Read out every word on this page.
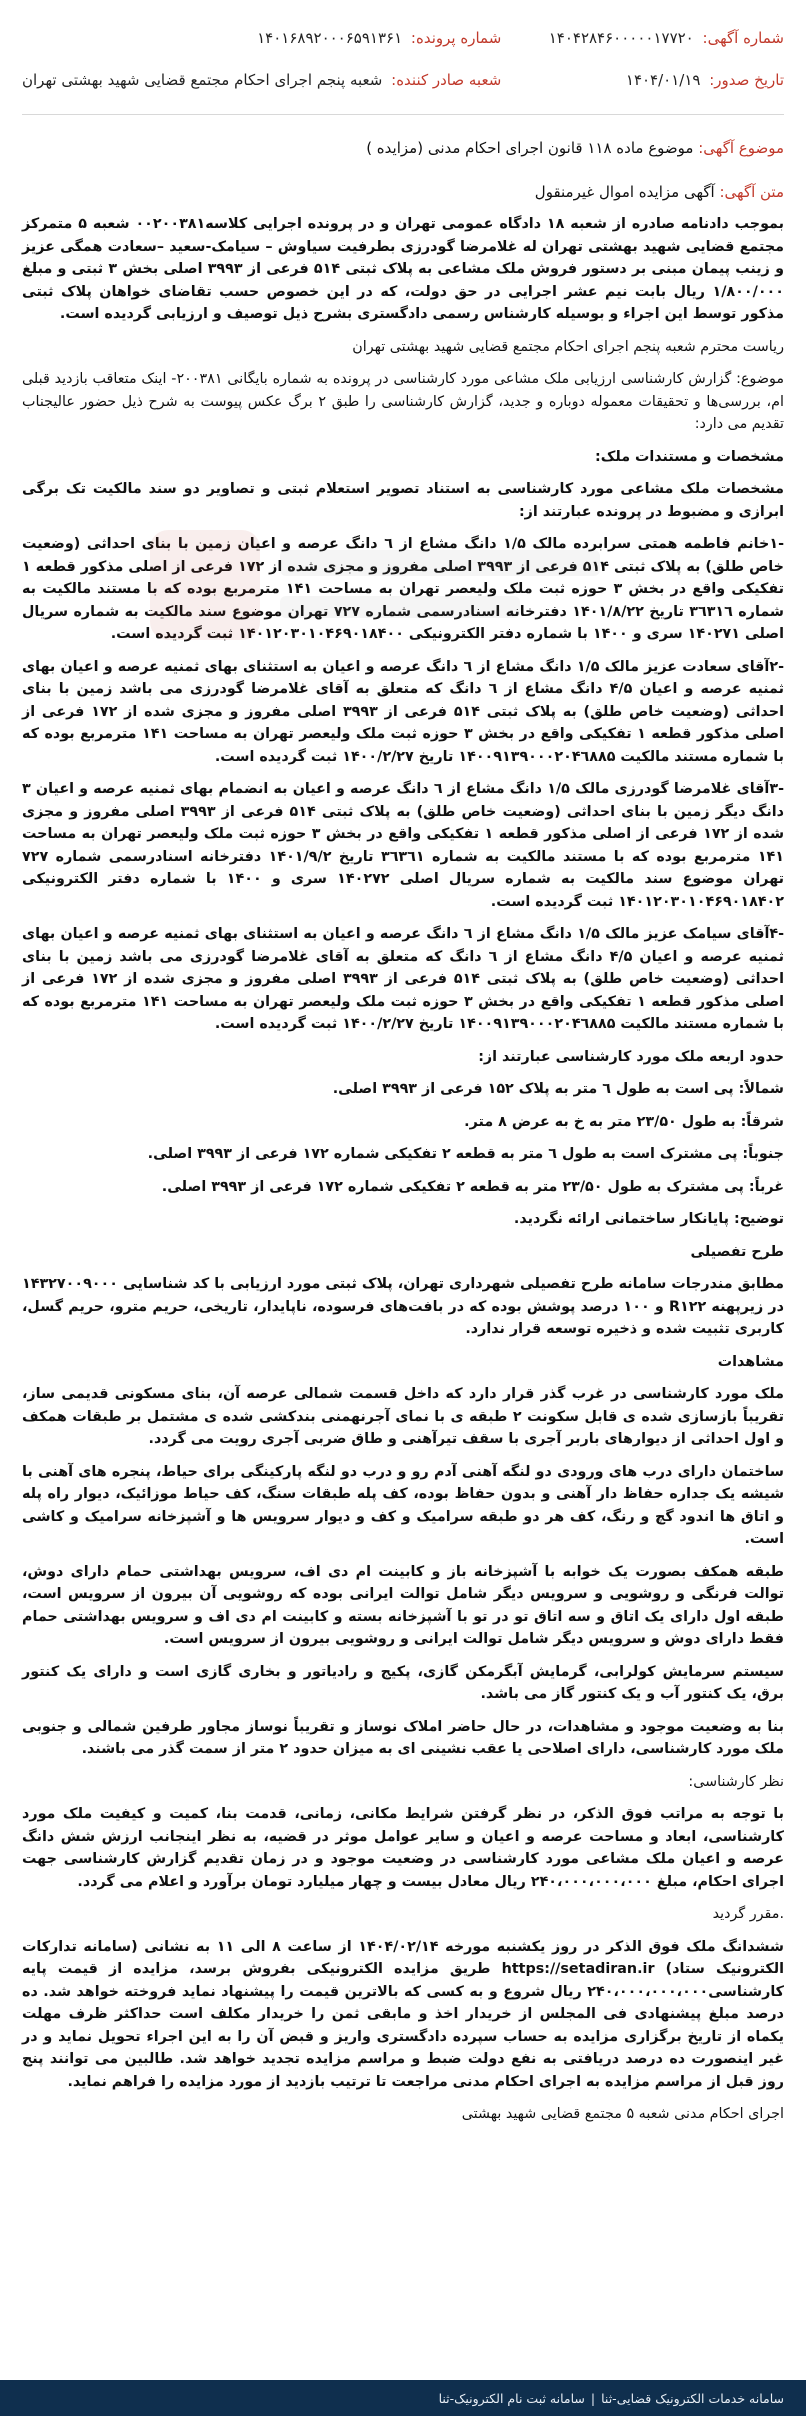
شماره آگهی: ۱۴۰۴۲۸۴۶۰۰۰۰۰۱۷۷۲۰
شماره پرونده: ۱۴۰۱۶۸۹۲۰۰۰۶۵۹۱۳۶۱
تاریخ صدور: ۱۴۰۴/۰۱/۱۹
شعبه صادر کننده: شعبه پنجم اجرای احکام مجتمع قضایی شهید بهشتی تهران
موضوع آگهی: موضوع ماده ۱۱۸ قانون اجرای احکام مدنی (مزایده )
متن آگهی: آگهی مزایده اموال غیرمنقول

بموجب دادنامه صادره از شعبه ۱۸ دادگاه عمومی تهران و در پرونده اجرایی کلاسه۰۰۲۰۰۳۸۱ شعبه ۵ متمرکز مجتمع قضایی شهید بهشتی تهران له غلامرضا گودرزی بطرفیت سیاوش – سیامک-سعید –سعادت همگی عزیز و زینب پیمان مبنی بر دستور فروش ملک مشاعی به پلاک ثبتی ۵۱۴ فرعی از ۳۹۹۳ اصلی بخش ۳ ثبتی و مبلغ ۱/۸۰۰/۰۰۰ ریال بابت نیم عشر اجرایی در حق دولت، که در این خصوص حسب تقاضای خواهان پلاک ثبتی مذکور توسط این اجراء و بوسیله کارشناس رسمی دادگستری بشرح ذیل توصیف و ارزیابی گردیده است.

ریاست محترم شعبه پنجم اجرای احکام مجتمع قضایی شهید بهشتی تهران

موضوع: گزارش کارشناسی ارزیابی ملک مشاعی مورد کارشناسی در پرونده به شماره بایگانی ۲۰۰۳۸۱- اینک متعاقب بازدید قبلی ام، بررسی‌ها و تحقیقات معموله دوباره و جدید، گزارش کارشناسی را طبق ۲ برگ عکس پیوست به شرح ذیل حضور عالیجناب تقدیم می دارد:

مشخصات و مستندات ملک:

مشخصات ملک مشاعی مورد کارشناسی به استناد تصویر استعلام ثبتی و تصاویر دو سند مالکیت تک برگی ابرازی و مضبوط در پرونده عبارتند از:

-۱خانم فاطمه همتی سرابرده مالک ۱/۵ دانگ مشاع از ٦ دانگ عرصه و اعیان زمین با بنای احداثی (وضعیت خاص طلق) به پلاک ثبتی ۵۱۴ فرعی از ۳۹۹۳ اصلی مفروز و مجزی شده از ۱۷۲ فرعی از اصلی مذکور قطعه ۱ تفکیکی واقع در بخش ۳ حوزه ثبت ملک ولیعصر تهران به مساحت ۱۴۱ مترمربع بوده که با مستند مالکیت به شماره ۳٦۳۱٦ تاریخ ۱۴۰۱/۸/۲۲ دفترخانه اسنادرسمی شماره ۷۲۷ تهران موضوع سند مالکیت به شماره سریال اصلی ۱۴۰۲۷۱ سری و ۱۴۰۰ با شماره دفتر الکترونیکی ۱۴۰۱۲۰۳۰۱۰۴۶۹۰۱۸۴۰۰ ثبت گردیده است.

-۲آقای سعادت عزیز مالک ۱/۵ دانگ مشاع از ٦ دانگ عرصه و اعیان به استثنای بهای ثمنیه عرصه و اعیان بهای ثمنیه عرصه و اعیان ۴/۵ دانگ مشاع از ٦ دانگ که متعلق به آقای غلامرضا گودرزی می باشد زمین با بنای احداثی (وضعیت خاص طلق) به پلاک ثبتی ۵۱۴ فرعی از ۳۹۹۳ اصلی مفروز و مجزی شده از ۱۷۲ فرعی از اصلی مذکور قطعه ۱ تفکیکی واقع در بخش ۳ حوزه ثبت ملک ولیعصر تهران به مساحت ۱۴۱ مترمربع بوده که با شماره مستند مالکیت ۱۴۰۰۹۱۳۹۰۰۰۲۰۴٦۸۸۵ تاریخ ۱۴۰۰/۲/۲۷ ثبت گردیده است.

-۳آقای غلامرضا گودرزی مالک ۱/۵ دانگ مشاع از ٦ دانگ عرصه و اعیان به انضمام بهای ثمنیه عرصه و اعیان ۳ دانگ دیگر زمین با بنای احداثی (وضعیت خاص طلق) به پلاک ثبتی ۵۱۴ فرعی از ۳۹۹۳ اصلی مفروز و مجزی شده از ۱۷۲ فرعی از اصلی مذکور قطعه ۱ تفکیکی واقع در بخش ۳ حوزه ثبت ملک ولیعصر تهران به مساحت ۱۴۱ مترمربع بوده که با مستند مالکیت به شماره ۳٦۳٦۱ تاریخ ۱۴۰۱/۹/۲ دفترخانه اسنادرسمی شماره ۷۲۷ تهران موضوع سند مالکیت به شماره سریال اصلی ۱۴۰۲۷۲ سری و ۱۴۰۰ با شماره دفتر الکترونیکی ۱۴۰۱۲۰۳۰۱۰۴۶۹۰۱۸۴۰۲ ثبت گردیده است.

-۴آقای سیامک عزیز مالک ۱/۵ دانگ مشاع از ٦ دانگ عرصه و اعیان به استثنای بهای ثمنیه عرصه و اعیان بهای ثمنیه عرصه و اعیان ۴/۵ دانگ مشاع از ٦ دانگ که متعلق به آقای غلامرضا گودرزی می باشد زمین با بنای احداثی (وضعیت خاص طلق) به پلاک ثبتی ۵۱۴ فرعی از ۳۹۹۳ اصلی مفروز و مجزی شده از ۱۷۲ فرعی از اصلی مذکور قطعه ۱ تفکیکی واقع در بخش ۳ حوزه ثبت ملک ولیعصر تهران به مساحت ۱۴۱ مترمربع بوده که با شماره مستند مالکیت ۱۴۰۰۹۱۳۹۰۰۰۲۰۴٦۸۸۵ تاریخ ۱۴۰۰/۲/۲۷ ثبت گردیده است.

حدود اربعه ملک مورد کارشناسی عبارتند از:

شمالاً: پی است به طول ٦ متر به پلاک ۱۵۲ فرعی از ۳۹۹۳ اصلی.

شرقاً: به طول ۲۳/۵۰ متر به خ به عرض ۸ متر.

جنوباً: پی مشترک است به طول ٦ متر به قطعه ۲ تفکیکی شماره ۱۷۲ فرعی از ۳۹۹۳ اصلی.

غرباً: پی مشترک به طول ۲۳/۵۰ متر به قطعه ۲ تفکیکی شماره ۱۷۲ فرعی از ۳۹۹۳ اصلی.

توضیح: پایانکار ساختمانی ارائه نگردید.

طرح تفصیلی

مطابق مندرجات سامانه طرح تفصیلی شهرداری تهران، پلاک ثبتی مورد ارزیابی با کد شناسایی ۱۴۳۲۷۰۰۹۰۰۰ در زیرپهنه R۱۲۲ و ۱۰۰ درصد پوشش بوده که در بافت‌های فرسوده، ناپایدار، تاریخی، حریم مترو، حریم گسل، کاربری تثبیت شده و ذخیره توسعه قرار ندارد.

مشاهدات

ملک مورد کارشناسی در غرب گذر قرار دارد که داخل قسمت شمالی عرصه آن، بنای مسکونی قدیمی ساز، تقریباً بازسازی شده ی قابل سکونت ۲ طبقه ی با نمای آجرنهمنی بندکشی شده ی مشتمل بر طبقات همکف و اول احداثی از دیوارهای باربر آجری با سقف تیرآهنی و طاق ضربی آجری رویت می گردد.

ساختمان دارای درب های ورودی دو لنگه آهنی آدم رو و درب دو لنگه پارکینگی برای حیاط، پنجره های آهنی با شیشه یک جداره حفاظ دار آهنی و بدون حفاظ بوده، کف پله طبقات سنگ، کف حیاط موزائیک، دیوار راه پله و اتاق ها اندود گچ و رنگ، کف هر دو طبقه سرامیک و کف و دیوار سرویس ها و آشپزخانه سرامیک و کاشی است.

طبقه همکف بصورت یک خوابه با آشپزخانه باز و کابینت ام دی اف، سرویس بهداشتی حمام دارای دوش، توالت فرنگی و روشویی و سرویس دیگر شامل توالت ایرانی بوده که روشویی آن بیرون از سرویس است، طبقه اول دارای یک اتاق و سه اتاق تو در تو با آشپزخانه بسته و کابینت ام دی اف و سرویس بهداشتی حمام فقط دارای دوش و سرویس دیگر شامل توالت ایرانی و روشویی بیرون از سرویس است.

سیستم سرمایش کولرابی، گرمایش آبگرمکن گازی، پکیج و رادیاتور و بخاری گازی است و دارای یک کنتور برق، یک کنتور آب و یک کنتور گاز می باشد.

بنا به وضعیت موجود و مشاهدات، در حال حاضر املاک نوساز و تقریباً نوساز مجاور طرفین شمالی و جنوبی ملک مورد کارشناسی، دارای اصلاحی یا عقب نشینی ای به میزان حدود ۲ متر از سمت گذر می باشند.

نظر کارشناسی:

با توجه به مراتب فوق الذکر، در نظر گرفتن شرایط مکانی، زمانی، قدمت بنا، کمیت و کیفیت ملک مورد کارشناسی، ابعاد و مساحت عرصه و اعیان و سایر عوامل موثر در قضیه، به نظر اینجانب ارزش شش دانگ عرصه و اعیان ملک مشاعی مورد کارشناسی در وضعیت موجود و در زمان تقدیم گزارش کارشناسی جهت اجرای احکام، مبلغ ۲۴۰،۰۰۰،۰۰۰،۰۰۰ ریال معادل بیست و چهار میلیارد تومان برآورد و اعلام می گردد.

.مقرر گردید

ششدانگ ملک فوق الذکر در روز یکشنبه مورخه ۱۴۰۴/۰۲/۱۴ از ساعت ۸ الی ۱۱ به نشانی (سامانه تدارکات الکترونیک ستاد) https://setadiran.ir طریق مزایده الکترونیکی بفروش برسد، مزایده از قیمت پایه کارشناسی۲۴۰،۰۰۰،۰۰۰،۰۰۰ ریال شروع و به کسی که بالاترین قیمت را پیشنهاد نماید فروخته خواهد شد. ده درصد مبلغ پیشنهادی فی المجلس از خریدار اخذ و مابقی ثمن را خریدار مکلف است حداکثر ظرف مهلت یکماه از تاریخ برگزاری مزایده به حساب سپرده دادگستری واریز و قبض آن را به این اجراء تحویل نماید و در غیر اینصورت ده درصد دریافتی به نفع دولت ضبط و مراسم مزایده تجدید خواهد شد. طالبین می توانند پنج روز قبل از مراسم مزایده به اجرای احکام مدنی مراجعت تا ترتیب بازدید از مورد مزایده را فراهم نماید.

اجرای احکام مدنی شعبه ۵ مجتمع قضایی شهید بهشتی

سامانه خدمات الکترونیک قضایی-ثنا
|
سامانه ثبت نام الکترونیک-ثنا
